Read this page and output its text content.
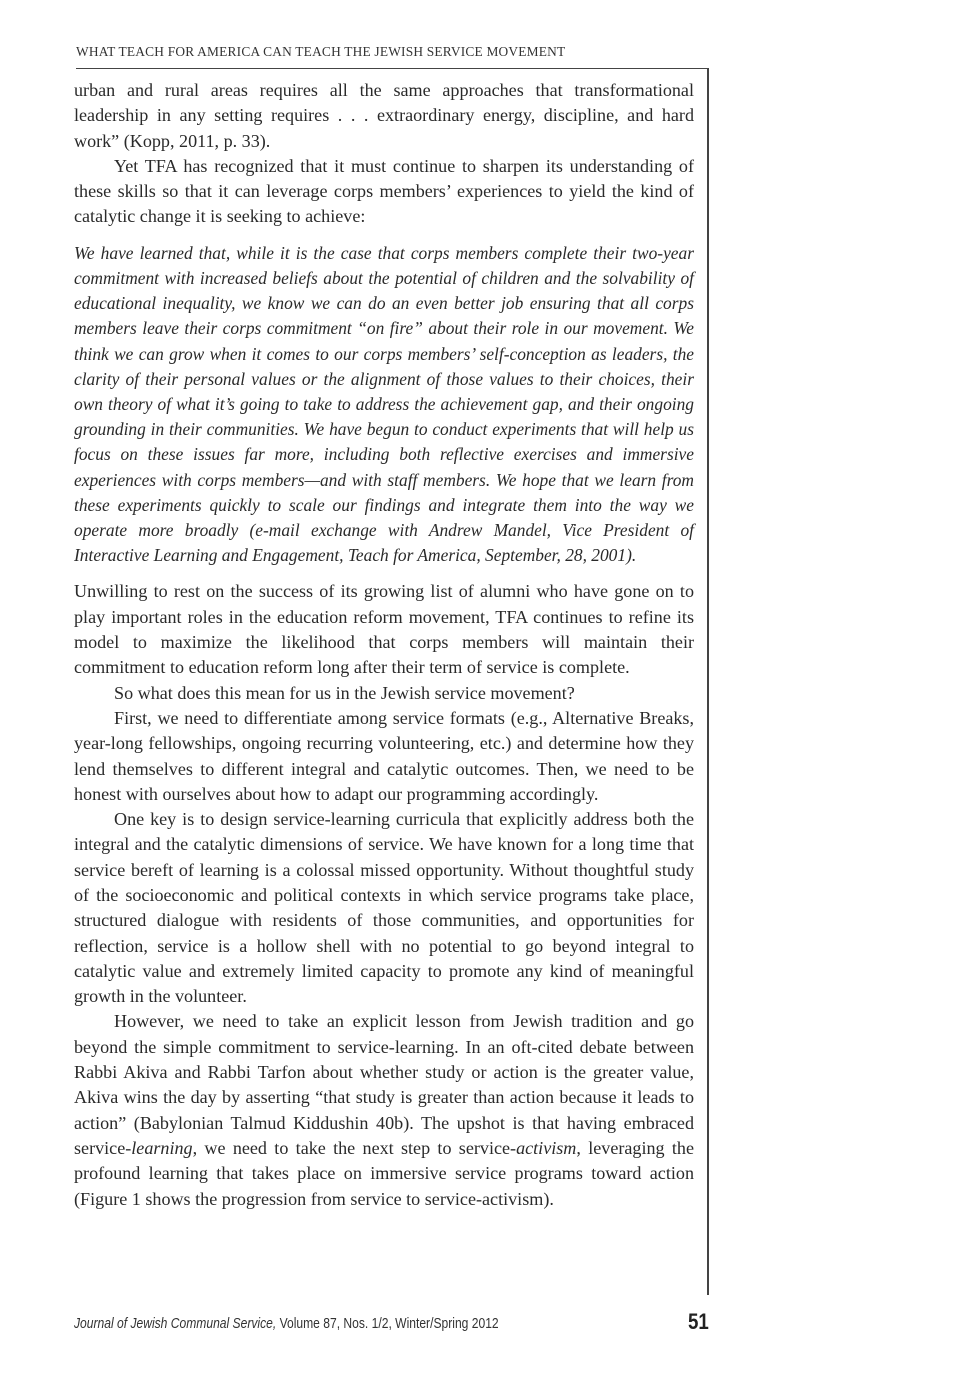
WHAT TEACH FOR AMERICA CAN TEACH THE JEWISH SERVICE MOVEMENT

urban and rural areas requires all the same approaches that transformational leadership in any setting requires . . . extraordinary energy, discipline, and hard work” (Kopp, 2011, p. 33).

Yet TFA has recognized that it must continue to sharpen its understanding of these skills so that it can leverage corps members’ experiences to yield the kind of catalytic change it is seeking to achieve:

We have learned that, while it is the case that corps members complete their two-year commitment with increased beliefs about the potential of children and the solvability of educational inequality, we know we can do an even better job ensuring that all corps members leave their corps commitment “on fire” about their role in our movement. We think we can grow when it comes to our corps members’ self-conception as leaders, the clarity of their personal values or the alignment of those values to their choices, their own theory of what it’s going to take to address the achievement gap, and their ongoing grounding in their communities. We have begun to conduct experiments that will help us focus on these issues far more, including both reflective exercises and immersive experiences with corps members—and with staff members. We hope that we learn from these experiments quickly to scale our findings and integrate them into the way we operate more broadly (e-mail exchange with Andrew Mandel, Vice President of Interactive Learning and Engagement, Teach for America, September, 28, 2001).

Unwilling to rest on the success of its growing list of alumni who have gone on to play important roles in the education reform movement, TFA continues to refine its model to maximize the likelihood that corps members will maintain their commitment to education reform long after their term of service is complete.

So what does this mean for us in the Jewish service movement?

First, we need to differentiate among service formats (e.g., Alternative Breaks, year-long fellowships, ongoing recurring volunteering, etc.) and determine how they lend themselves to different integral and catalytic outcomes. Then, we need to be honest with ourselves about how to adapt our programming accordingly.

One key is to design service-learning curricula that explicitly address both the integral and the catalytic dimensions of service. We have known for a long time that service bereft of learning is a colossal missed opportunity. Without thoughtful study of the socioeconomic and political contexts in which service programs take place, structured dialogue with residents of those communities, and opportunities for reflection, service is a hollow shell with no potential to go beyond integral to catalytic value and extremely limited capacity to promote any kind of meaningful growth in the volunteer.

However, we need to take an explicit lesson from Jewish tradition and go beyond the simple commitment to service-learning. In an oft-cited debate between Rabbi Akiva and Rabbi Tarfon about whether study or action is the greater value, Akiva wins the day by asserting “that study is greater than action because it leads to action” (Babylonian Talmud Kiddushin 40b). The upshot is that having embraced service-learning, we need to take the next step to service-activism, leveraging the profound learning that takes place on immersive service programs toward action (Figure 1 shows the progression from service to service-activism).

Journal of Jewish Communal Service, Volume 87, Nos. 1/2, Winter/Spring 2012	51
